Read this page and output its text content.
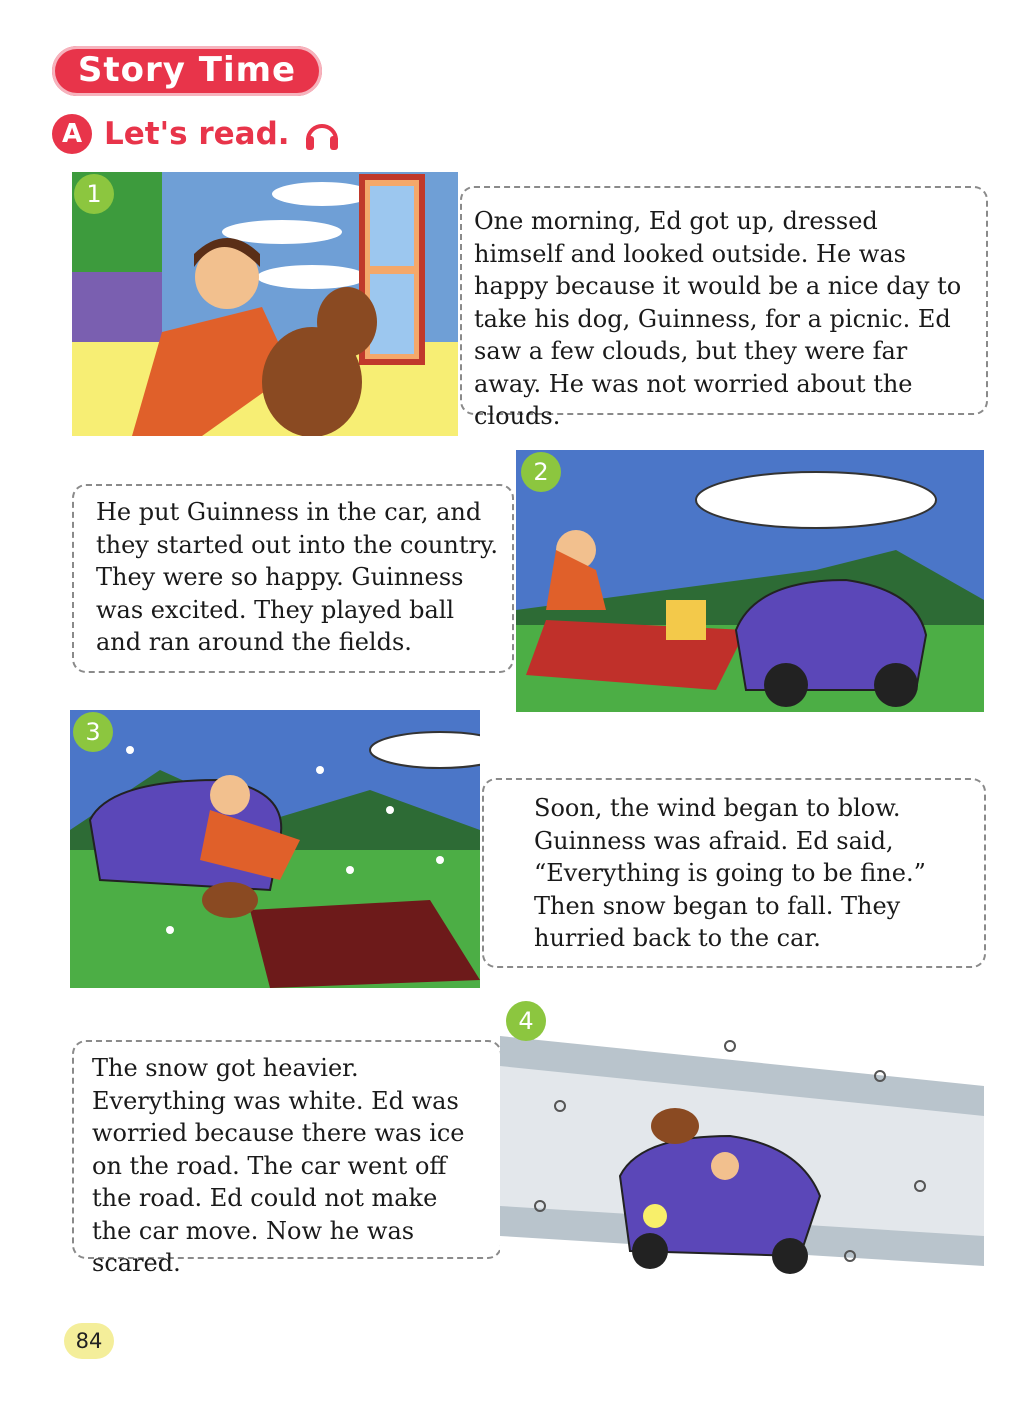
Story Time
A Let's read.
1
One morning, Ed got up, dressed himself and looked outside. He was happy because it would be a nice day to take his dog, Guinness, for a picnic. Ed saw a few clouds, but they were far away. He was not worried about the clouds.
He put Guinness in the car, and they started out into the country. They were so happy. Guinness was excited. They played ball and ran around the fields.
2
3
Soon, the wind began to blow. Guinness was afraid. Ed said, “Everything is going to be fine.” Then snow began to fall. They hurried back to the car.
The snow got heavier. Everything was white. Ed was worried because there was ice on the road. The car went off the road. Ed could not make the car move. Now he was scared.
4
84
